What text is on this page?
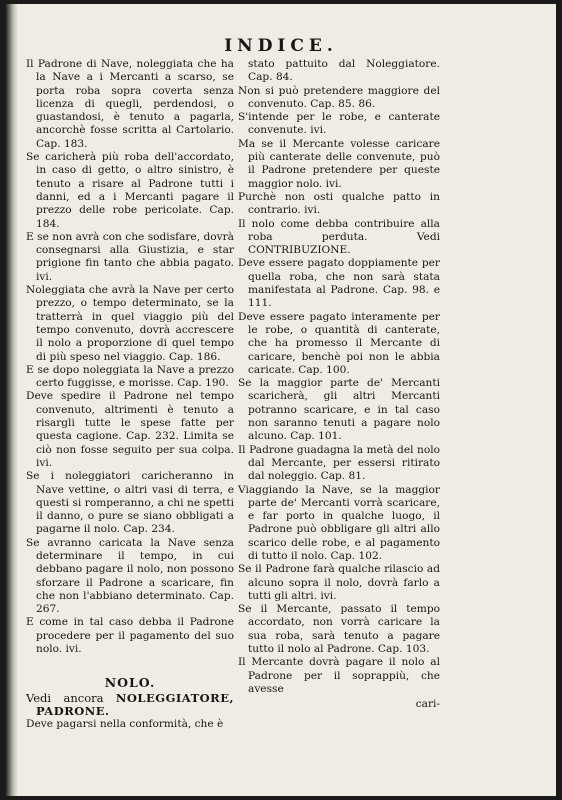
INDICE.

Il Padrone di Nave, noleggiata che ha la Nave a i Mercanti a scarso, se porta roba sopra coverta senza licenza di quegli, perdendosi, o guastandosi, è tenuto a pagarla, ancorchè fosse scritta al Cartolario. Cap. 183.

Se caricherà più roba dell'accordato, in caso di getto, o altro sinistro, è tenuto a risare al Padrone tutti i danni, ed a i Mercanti pagare il prezzo delle robe pericolate. Cap. 184.

E se non avrà con che sodisfare, dovrà consegnarsi alla Giustizia, e star prigione fin tanto che abbia pagato. ivi.

Noleggiata che avrà la Nave per certo prezzo, o tempo determinato, se la tratterrà in quel viaggio più del tempo convenuto, dovrà accrescere il nolo a proporzione di quel tempo di più speso nel viaggio. Cap. 186.

E se dopo noleggiata la Nave a prezzo certo fuggisse, e morisse. Cap. 190.

Deve spedire il Padrone nel tempo convenuto, altrimenti è tenuto a risargli tutte le spese fatte per questa cagione. Cap. 232. Limita se ciò non fosse seguito per sua colpa. ivi.

Se i noleggiatori caricheranno in Nave vettine, o altri vasi di terra, e questi si romperanno, a chi ne spetti il danno, o pure se siano obbligati a pagarne il nolo. Cap. 234.

Se avranno caricata la Nave senza determinare il tempo, in cui debbano pagare il nolo, non possono sforzare il Padrone a scaricare, fin che non l'abbiano determinato. Cap. 267.

E come in tal caso debba il Padrone procedere per il pagamento del suo nolo. ivi.

NOLO.

Vedi ancora NOLEGGIATORE, PADRONE.

Deve pagarsi nella conformità, che è

stato pattuito dal Noleggiatore. Cap. 84.

Non si può pretendere maggiore del convenuto. Cap. 85. 86.

S'intende per le robe, e canterate convenute. ivi.

Ma se il Mercante volesse caricare più canterate delle convenute, può il Padrone pretendere per queste maggior nolo. ivi.

Purchè non osti qualche patto in contrario. ivi.

Il nolo come debba contribuire alla roba perduta. Vedi CONTRIBUZIONE.

Deve essere pagato doppiamente per quella roba, che non sarà stata manifestata al Padrone. Cap. 98. e 111.

Deve essere pagato interamente per le robe, o quantità di canterate, che ha promesso il Mercante di caricare, benchè poi non le abbia caricate. Cap. 100.

Se la maggior parte de' Mercanti scaricherà, gli altri Mercanti potranno scaricare, e in tal caso non saranno tenuti a pagare nolo alcuno. Cap. 101.

Il Padrone guadagna la metà del nolo dal Mercante, per essersi ritirato dal noleggio. Cap. 81.

Viaggiando la Nave, se la maggior parte de' Mercanti vorrà scaricare, e far porto in qualche luogo, il Padrone può obbligare gli altri allo scarico delle robe, e al pagamento di tutto il nolo. Cap. 102.

Se il Padrone farà qualche rilascio ad alcuno sopra il nolo, dovrà farlo a tutti gli altri. ivi.

Se il Mercante, passato il tempo accordato, non vorrà caricare la sua roba, sarà tenuto a pagare tutto il nolo al Padrone. Cap. 103.

Il Mercante dovrà pagare il nolo al Padrone per il soprappiù, che avesse

cari-
